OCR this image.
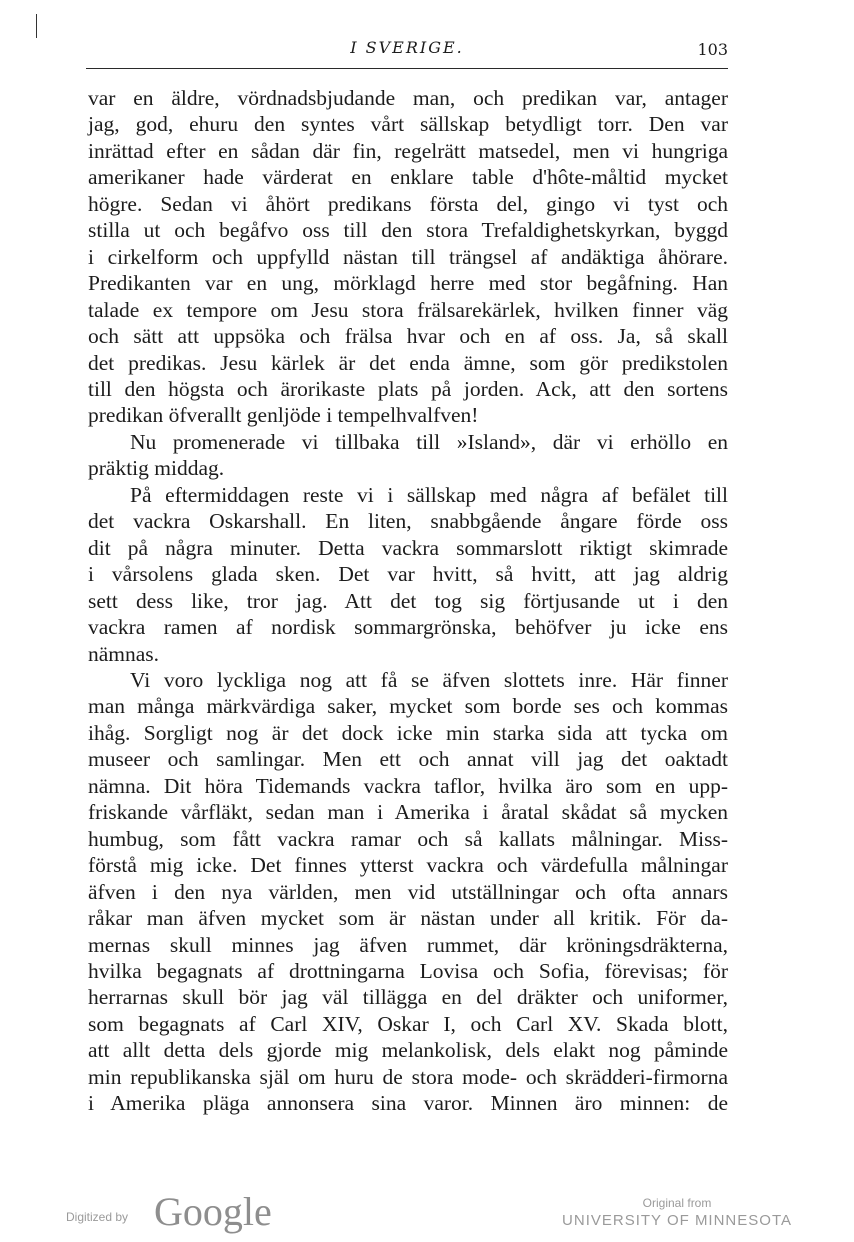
I SVERIGE.	103
var en äldre, vördnadsbjudande man, och predikan var, antager
jag, god, ehuru den syntes vårt sällskap betydligt torr. Den var
inrättad efter en sådan där fin, regelrätt matsedel, men vi hungriga
amerikaner hade värderat en enklare table d'hôte-måltid mycket
högre. Sedan vi åhört predikans första del, gingo vi tyst och
stilla ut och begåfvo oss till den stora Trefaldighetskyrkan, byggd
i cirkelform och uppfylld nästan till trängsel af andäktiga åhörare.
Predikanten var en ung, mörklagd herre med stor begåfning. Han
talade ex tempore om Jesu stora frälsarekärlek, hvilken finner väg
och sätt att uppsöka och frälsa hvar och en af oss. Ja, så skall
det predikas. Jesu kärlek är det enda ämne, som gör predikstolen
till den högsta och ärorikaste plats på jorden. Ack, att den sortens
predikan öfverallt genljöde i tempelhvalfven!
Nu promenerade vi tillbaka till »Island», där vi erhöllo en
präktig middag.
På eftermiddagen reste vi i sällskap med några af befälet till
det vackra Oskarshall. En liten, snabbgående ångare förde oss
dit på några minuter. Detta vackra sommarslott riktigt skimrade
i vårsolens glada sken. Det var hvitt, så hvitt, att jag aldrig
sett dess like, tror jag. Att det tog sig förtjusande ut i den
vackra ramen af nordisk sommargrönska, behöfver ju icke ens
nämnas.
Vi voro lyckliga nog att få se äfven slottets inre. Här finner
man många märkvärdiga saker, mycket som borde ses och kommas
ihåg. Sorgligt nog är det dock icke min starka sida att tycka om
museer och samlingar. Men ett och annat vill jag det oaktadt
nämna. Dit höra Tidemands vackra taflor, hvilka äro som en upp-
friskande vårfläkt, sedan man i Amerika i åratal skådat så mycken
humbug, som fått vackra ramar och så kallats målningar. Miss-
förstå mig icke. Det finnes ytterst vackra och värdefulla målningar
äfven i den nya världen, men vid utställningar och ofta annars
råkar man äfven mycket som är nästan under all kritik. För da-
mernas skull minnes jag äfven rummet, där kröningsdräkterna,
hvilka begagnats af drottningarna Lovisa och Sofia, förevisas; för
herrarnas skull bör jag väl tillägga en del dräkter och uniformer,
som begagnats af Carl XIV, Oskar I, och Carl XV. Skada blott,
att allt detta dels gjorde mig melankolisk, dels elakt nog påminde
min republikanska själ om huru de stora mode- och skrädderi-firmorna
i Amerika pläga annonsera sina varor. Minnen äro minnen: de
Digitized by Google	Original from
UNIVERSITY OF MINNESOTA
